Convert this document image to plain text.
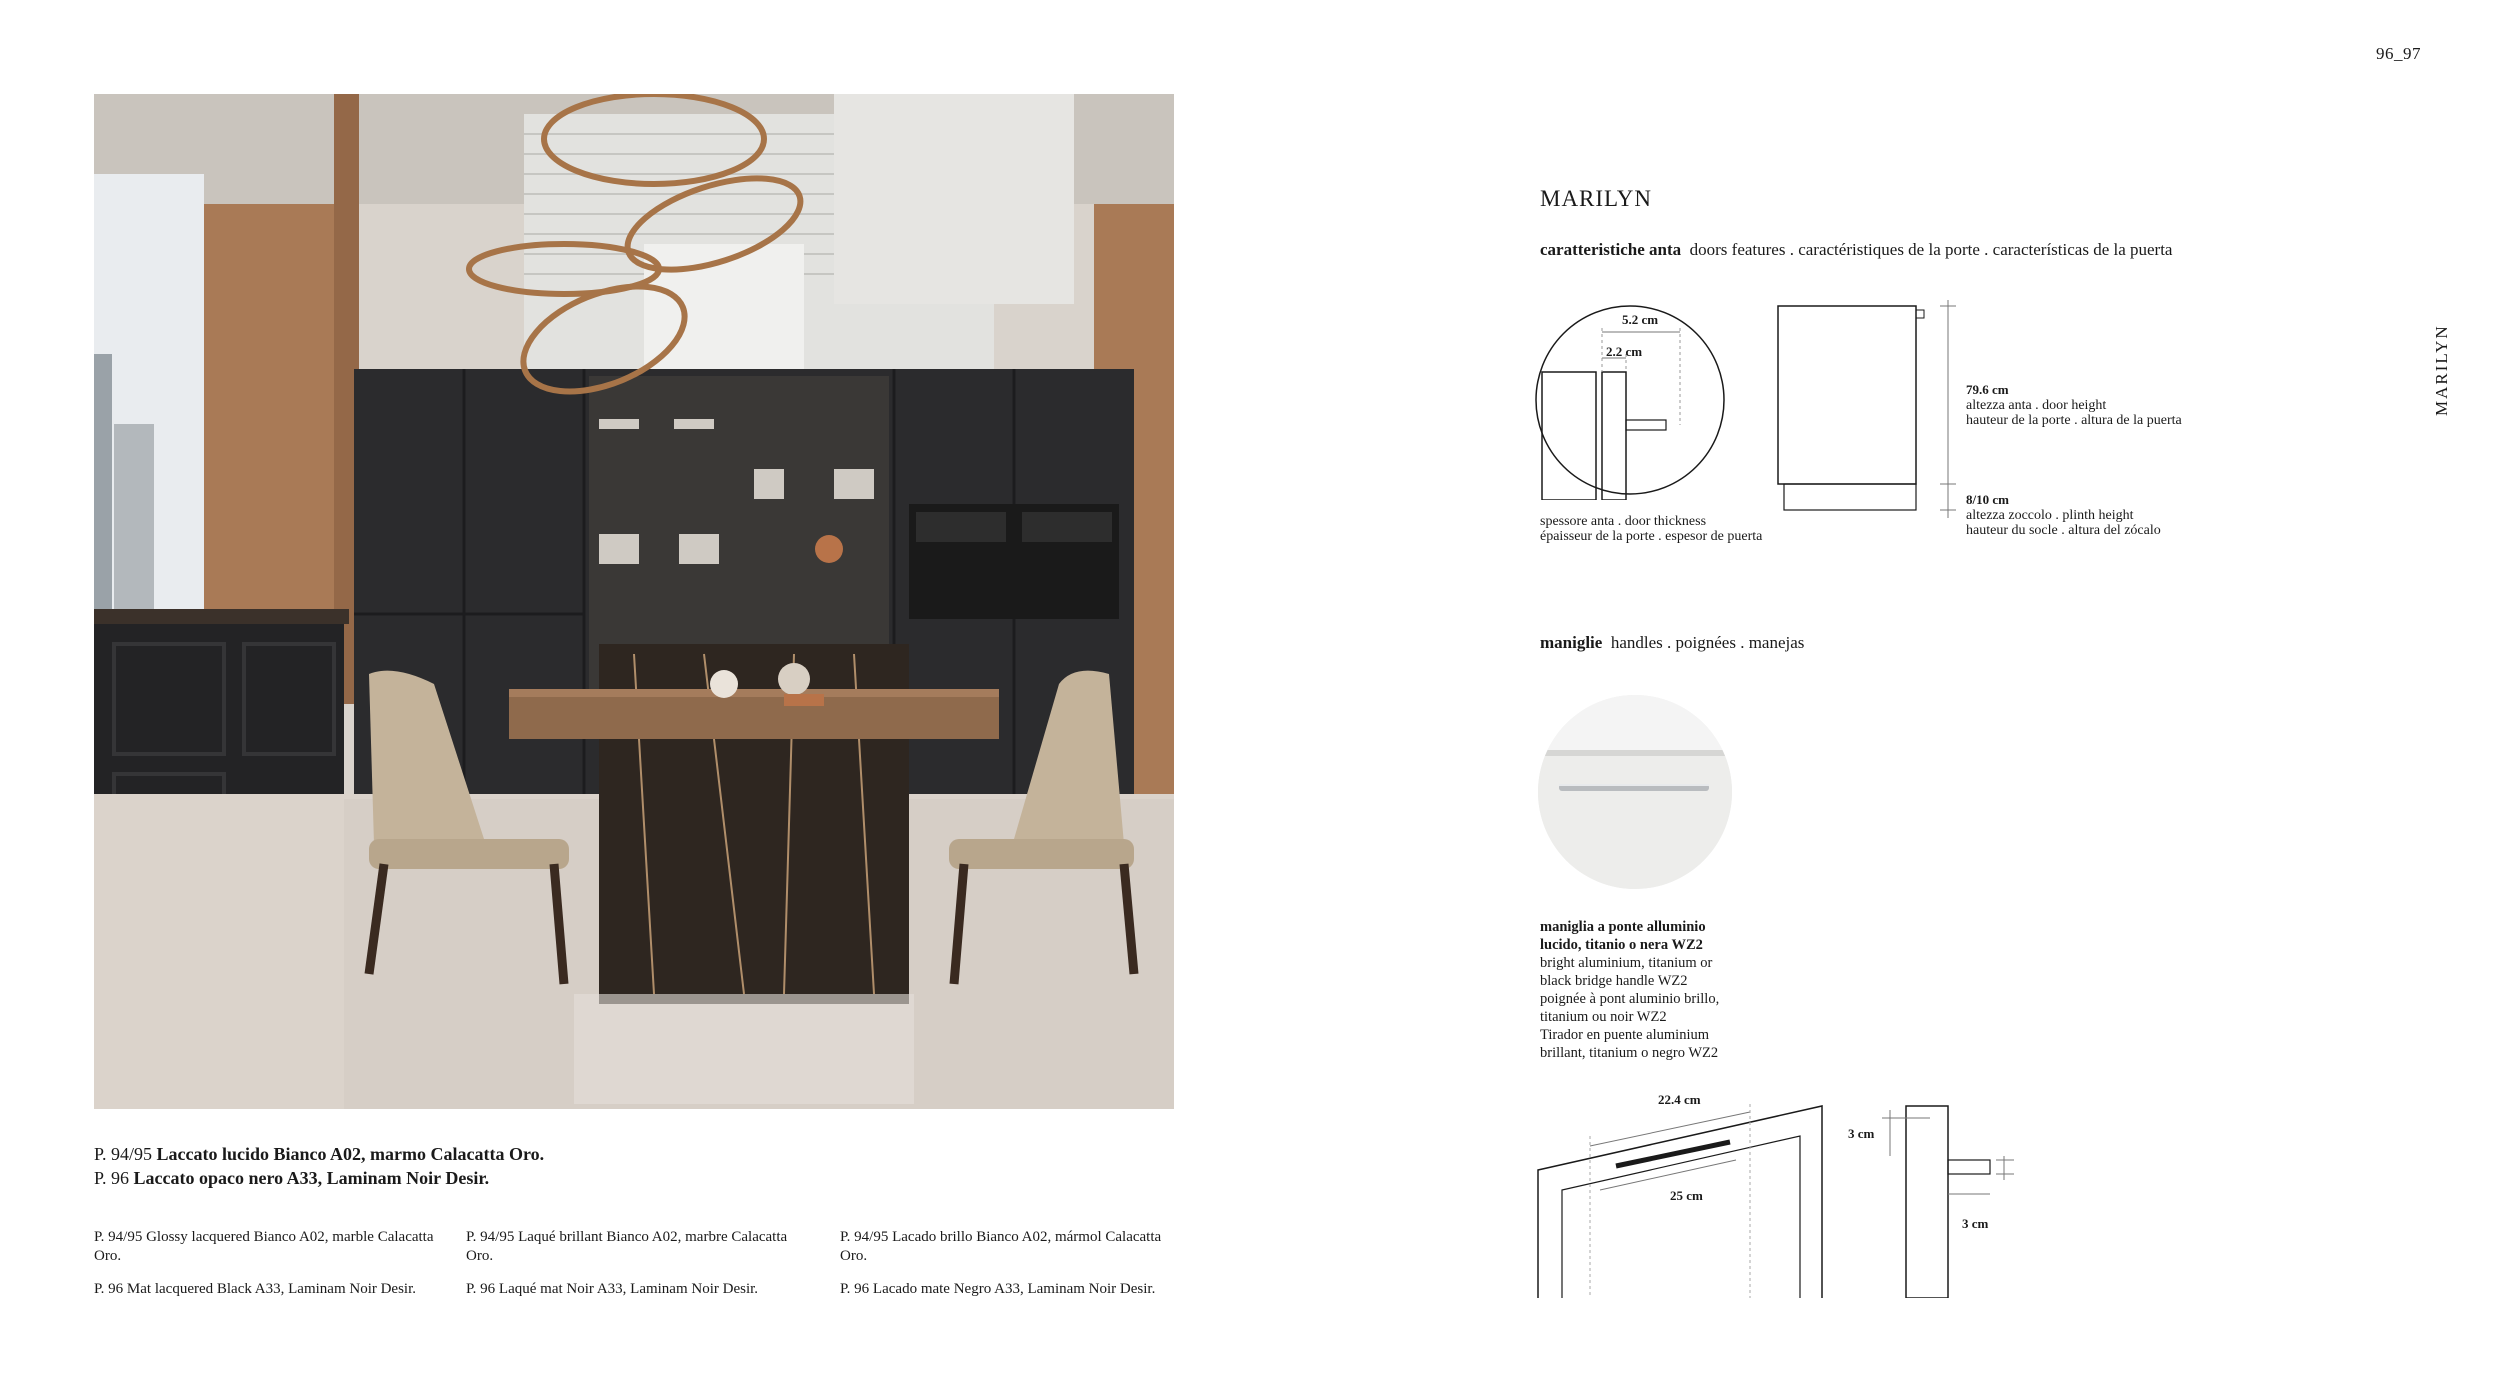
96_97
MARILYN
P. 94/95 Laccato lucido Bianco A02, marmo Calacatta Oro.
P. 96 Laccato opaco nero A33, Laminam Noir Desir.
P. 94/95 Glossy lacquered Bianco A02, marble Calacatta Oro.
P. 96 Mat lacquered Black A33, Laminam Noir Desir.
P. 94/95 Laqué brillant Bianco A02, marbre Calacatta Oro.
P. 96 Laqué mat Noir A33, Laminam Noir Desir.
P. 94/95 Lacado brillo Bianco A02, mármol Calacatta Oro.
P. 96 Lacado mate Negro A33, Laminam Noir Desir.
MARILYN
caratteristiche anta doors features . caractéristiques de la porte . características de la puerta
5.2 cm
2.2 cm
spessore anta . door thickness
épaisseur de la porte . espesor de puerta
79.6 cm
altezza anta . door height
hauteur de la porte . altura de la puerta
8/10 cm
altezza zoccolo . plinth height
hauteur du socle . altura del zócalo
maniglie handles . poignées . manejas
maniglia a ponte alluminio
lucido, titanio o nera WZ2
bright aluminium, titanium or
black bridge handle WZ2
poignée à pont aluminio brillo,
titanium ou noir WZ2
Tirador en puente aluminium
brillant, titanium o negro WZ2
22.4 cm
25 cm
3 cm
3 cm
